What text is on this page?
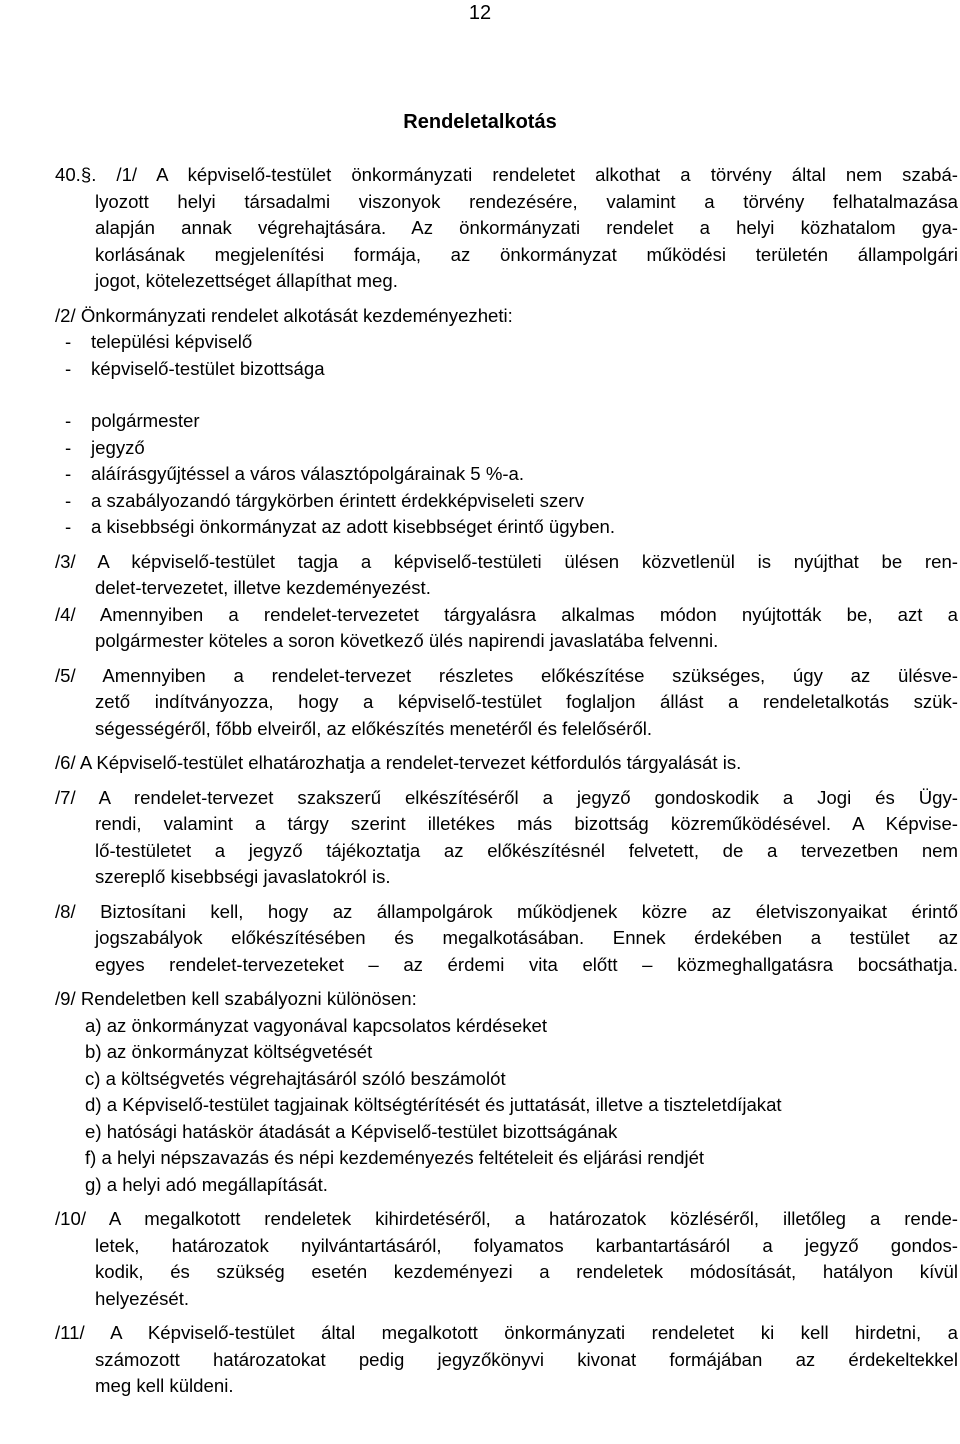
12
Rendeletalkotás
40.§. /1/ A képviselő-testület önkormányzati rendeletet alkothat a törvény által nem szabá-
lyozott helyi társadalmi viszonyok rendezésére, valamint a törvény felhatalmazása
alapján annak végrehajtására. Az önkormányzati rendelet a helyi közhatalom gya-
korlásának megjelenítési formája, az önkormányzat működési területén állampolgári
jogot, kötelezettséget állapíthat meg.
/2/ Önkormányzati rendelet alkotását kezdeményezheti:
-	települési képviselő
-	képviselő-testület bizottsága
-	polgármester
-	jegyző
-	aláírásgyűjtéssel a város választópolgárainak 5 %-a.
-	a szabályozandó tárgykörben érintett érdekképviseleti szerv
-	a kisebbségi önkormányzat az adott kisebbséget érintő ügyben.
/3/ A képviselő-testület tagja a képviselő-testületi ülésen közvetlenül is nyújthat be ren-
delet-tervezetet, illetve kezdeményezést.
/4/ Amennyiben a rendelet-tervezetet tárgyalásra alkalmas módon nyújtották be, azt a
polgármester köteles a soron következő ülés napirendi javaslatába felvenni.
/5/ Amennyiben a rendelet-tervezet részletes előkészítése szükséges, úgy az ülésve-
zető indítványozza, hogy a képviselő-testület foglaljon állást a rendeletalkotás szük-
ségességéről, főbb elveiről, az előkészítés menetéről és felelőséről.
/6/ A Képviselő-testület elhatározhatja a rendelet-tervezet kétfordulós tárgyalását is.
/7/ A rendelet-tervezet szakszerű elkészítéséről a jegyző gondoskodik a Jogi és Ügy-
rendi, valamint a tárgy szerint illetékes más bizottság közreműködésével. A Képvise-
lő-testületet a jegyző tájékoztatja az előkészítésnél felvetett, de a tervezetben nem
szereplő kisebbségi javaslatokról is.
/8/ Biztosítani kell, hogy az állampolgárok működjenek közre az életviszonyaikat érintő
jogszabályok előkészítésében és megalkotásában. Ennek érdekében a testület az
egyes rendelet-tervezeteket – az érdemi vita előtt – közmeghallgatásra bocsáthatja.
/9/ Rendeletben kell szabályozni különösen:
a) az önkormányzat vagyonával kapcsolatos kérdéseket
b) az önkormányzat költségvetését
c) a költségvetés végrehajtásáról szóló beszámolót
d) a Képviselő-testület tagjainak költségtérítését és juttatását, illetve a tiszteletdíjakat
e) hatósági hatáskör átadását a Képviselő-testület bizottságának
f) a helyi népszavazás és népi kezdeményezés feltételeit és eljárási rendjét
g) a helyi adó megállapítását.
/10/ A megalkotott rendeletek kihirdetéséről, a határozatok közléséről, illetőleg a rende-
letek, határozatok nyilvántartásáról, folyamatos karbantartásáról a jegyző gondos-
kodik, és szükség esetén kezdeményezi a rendeletek módosítását, hatályon kívül
helyezését.
/11/ A Képviselő-testület által megalkotott önkormányzati rendeletet ki kell hirdetni, a
számozott határozatokat pedig jegyzőkönyvi kivonat formájában az érdekeltekkel
meg kell küldeni.
